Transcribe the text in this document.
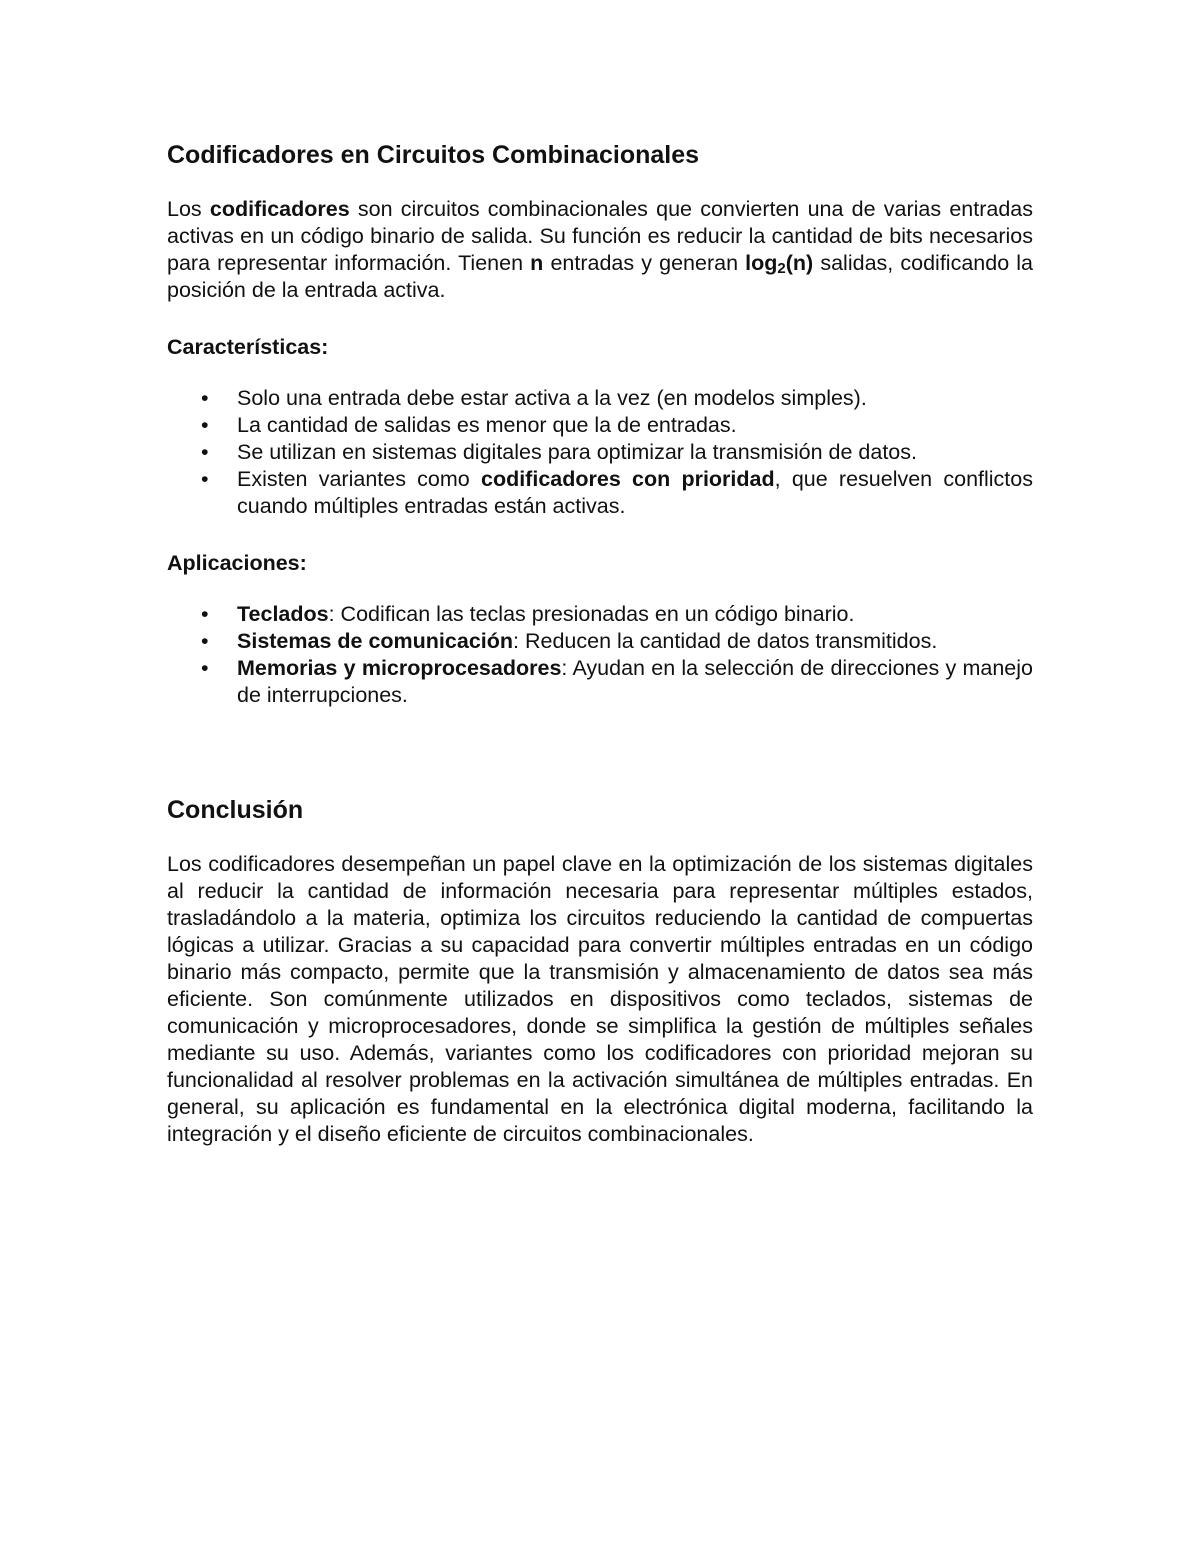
Codificadores en Circuitos Combinacionales

Los codificadores son circuitos combinacionales que convierten una de varias entradas activas en un código binario de salida. Su función es reducir la cantidad de bits necesarios para representar información. Tienen n entradas y generan $\log_2(n)$ salidas, codificando la posición de la entrada activa.

Características:

• Solo una entrada debe estar activa a la vez (en modelos simples).
• La cantidad de salidas es menor que la de entradas.
• Se utilizan en sistemas digitales para optimizar la transmisión de datos.
• Existen variantes como codificadores con prioridad, que resuelven conflictos cuando múltiples entradas están activas.

Aplicaciones:

• Teclados: Codifican las teclas presionadas en un código binario.
• Sistemas de comunicación: Reducen la cantidad de datos transmitidos.
• Memorias y microprocesadores: Ayudan en la selección de direcciones y manejo de interrupciones.
Conclusión

Los codificadores desempeñan un papel clave en la optimización de los sistemas digitales al reducir la cantidad de información necesaria para representar múltiples estados, trasladándolo a la materia, optimiza los circuitos reduciendo la cantidad de compuertas lógicas a utilizar. Gracias a su capacidad para convertir múltiples entradas en un código binario más compacto, permite que la transmisión y almacenamiento de datos sea más eficiente. Son comúnmente utilizados en dispositivos como teclados, sistemas de comunicación y microprocesadores, donde se simplifica la gestión de múltiples señales mediante su uso. Además, variantes como los codificadores con prioridad mejoran su funcionalidad al resolver problemas en la activación simultánea de múltiples entradas. En general, su aplicación es fundamental en la electrónica digital moderna, facilitando la integración y el diseño eficiente de circuitos combinacionales.
